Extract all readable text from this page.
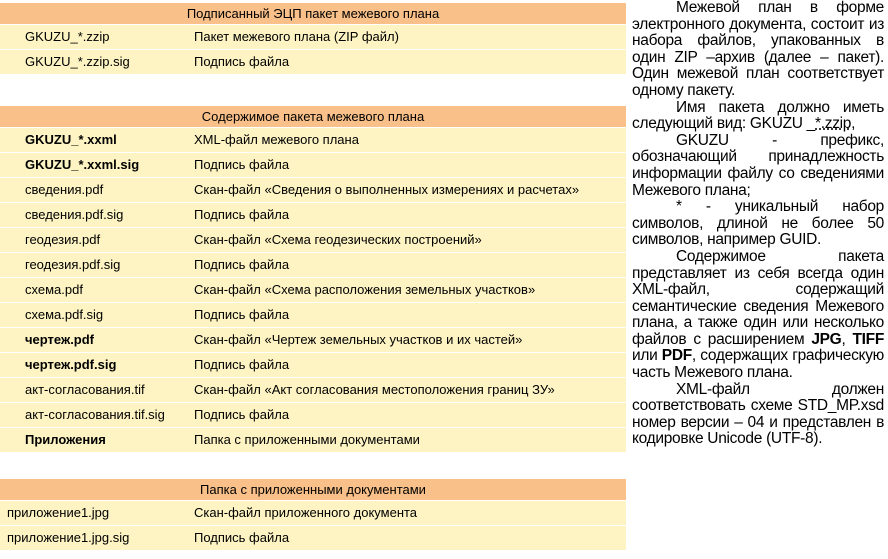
Подписанный ЭЦП пакет межевого плана
GKUZU_*.zzip	Пакет межевого плана (ZIP файл)
GKUZU_*.zzip.sig	Подпись файла
Содержимое пакета межевого плана
GKUZU_*.xxml	XML-файл межевого плана
GKUZU_*.xxml.sig	Подпись файла
сведения.pdf	Скан-файл «Сведения о выполненных измерениях и расчетах»
сведения.pdf.sig	Подпись файла
геодезия.pdf	Скан-файл «Схема геодезических построений»
геодезия.pdf.sig	Подпись файла
схема.pdf	Скан-файл «Схема расположения земельных участков»
схема.pdf.sig	Подпись файла
чертеж.pdf	Скан-файл «Чертеж земельных участков и их частей»
чертеж.pdf.sig	Подпись файла
акт-согласования.tif	Скан-файл «Акт согласования местоположения границ ЗУ»
акт-согласования.tif.sig Подпись файла
Приложения	Папка с приложенными документами
Папка с приложенными документами
приложение1.jpg	Скан-файл приложенного документа
приложение1.jpg.sig	Подпись файла

Межевой план в форме электронного документа, состоит из набора файлов, упакованных в один ZIP –архив (далее – пакет). Один межевой план соответствует одному пакету.

Имя пакета должно иметь следующий вид: GKUZU _*.zzip,

GKUZU - префикс, обозначающий принадлежность информации файлу со сведениями Межевого плана;

* - уникальный набор символов, длиной не более 50 символов, например GUID.

Содержимое пакета представляет из себя всегда один XML-файл, содержащий семантические сведения Межевого плана, а также один или несколько файлов с расширением JPG, TIFF или PDF, содержащих графическую часть Межевого плана.

XML-файл должен соответствовать схеме STD_MP.xsd номер версии – 04 и представлен в кодировке Unicode (UTF-8).
